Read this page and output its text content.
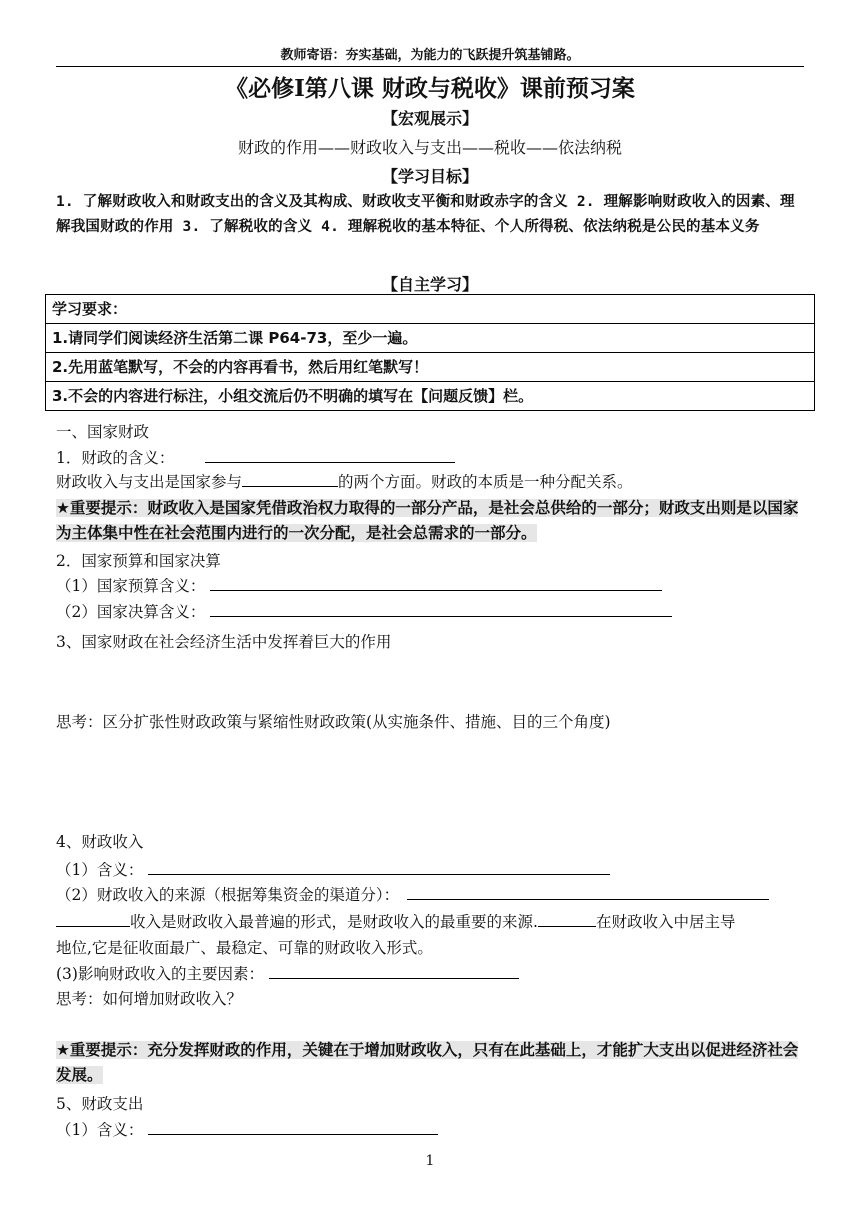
教师寄语：夯实基础，为能力的飞跃提升筑基铺路。
《必修Ⅰ第八课 财政与税收》课前预习案
【宏观展示】
财政的作用——财政收入与支出——税收——依法纳税
【学习目标】
1. 了解财政收入和财政支出的含义及其构成、财政收支平衡和财政赤字的含义 2. 理解影响财政收入的因素、理解我国财政的作用 3. 了解税收的含义 4. 理解税收的基本特征、个人所得税、依法纳税是公民的基本义务
【自主学习】
学习要求：
1.请同学们阅读经济生活第二课 P64-73，至少一遍。
2.先用蓝笔默写，不会的内容再看书，然后用红笔默写！
3.不会的内容进行标注，小组交流后仍不明确的填写在【问题反馈】栏。
一、国家财政
1．财政的含义：
财政收入与支出是国家参与	的两个方面。财政的本质是一种分配关系。
★重要提示：财政收入是国家凭借政治权力取得的一部分产品，是社会总供给的一部分；财政支出则是以国家为主体集中性在社会范围内进行的一次分配，是社会总需求的一部分。
2．国家预算和国家决算
（1）国家预算含义：
（2）国家决算含义：
3、国家财政在社会经济生活中发挥着巨大的作用
思考：区分扩张性财政政策与紧缩性财政政策(从实施条件、措施、目的三个角度)
4、财政收入
（1）含义：
（2）财政收入的来源（根据筹集资金的渠道分）：
收入是财政收入最普遍的形式，是财政收入的最重要的来源.	在财政收入中居主导
地位,它是征收面最广、最稳定、可靠的财政收入形式。
(3)影响财政收入的主要因素：
思考：如何增加财政收入？
★重要提示：充分发挥财政的作用，关键在于增加财政收入，只有在此基础上，才能扩大支出以促进经济社会发展。
5、财政支出
（1）含义：
1
